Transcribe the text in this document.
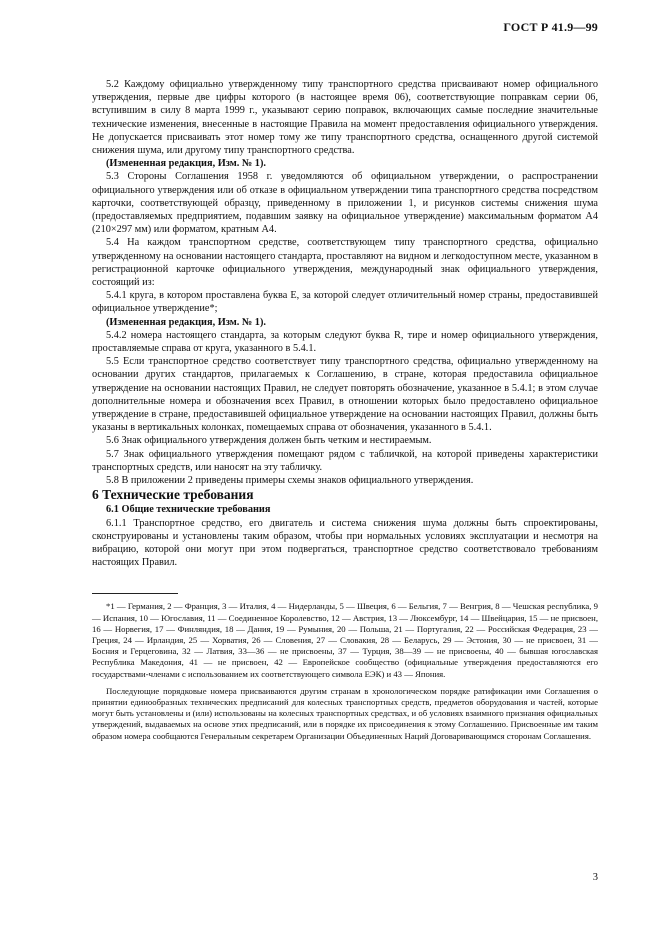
ГОСТ Р 41.9—99

5.2 Каждому официально утвержденному типу транспортного средства присваивают номер официального утверждения, первые две цифры которого (в настоящее время 06), соответствующие поправкам серии 06, вступившим в силу 8 марта 1999 г., указывают серию поправок, включающих самые последние значительные технические изменения, внесенные в настоящие Правила на момент предоставления официального утверждения. Не допускается присваивать этот номер тому же типу транспортного средства, оснащенного другой системой снижения шума, или другому типу транспортного средства.

(Измененная редакция, Изм. № 1).

5.3 Стороны Соглашения 1958 г. уведомляются об официальном утверждении, о распространении официального утверждения или об отказе в официальном утверждении типа транспортного средства посредством карточки, соответствующей образцу, приведенному в приложении 1, и рисунков системы снижения шума (предоставляемых предприятием, подавшим заявку на официальное утверждение) максимальным форматом А4 (210×297 мм) или форматом, кратным А4.

5.4 На каждом транспортном средстве, соответствующем типу транспортного средства, официально утвержденному на основании настоящего стандарта, проставляют на видном и легкодоступном месте, указанном в регистрационной карточке официального утверждения, международный знак официального утверждения, состоящий из:

5.4.1 круга, в котором проставлена буква Е, за которой следует отличительный номер страны, предоставившей официальное утверждение*;

(Измененная редакция, Изм. № 1).

5.4.2 номера настоящего стандарта, за которым следуют буква R, тире и номер официального утверждения, проставляемые справа от круга, указанного в 5.4.1.

5.5 Если транспортное средство соответствует типу транспортного средства, официально утвержденному на основании других стандартов, прилагаемых к Соглашению, в стране, которая предоставила официальное утверждение на основании настоящих Правил, не следует повторять обозначение, указанное в 5.4.1; в этом случае дополнительные номера и обозначения всех Правил, в отношении которых было предоставлено официальное утверждение в стране, предоставившей официальное утверждение на основании настоящих Правил, должны быть указаны в вертикальных колонках, помещаемых справа от обозначения, указанного в 5.4.1.

5.6 Знак официального утверждения должен быть четким и нестираемым.

5.7 Знак официального утверждения помещают рядом с табличкой, на которой приведены характеристики транспортных средств, или наносят на эту табличку.

5.8 В приложении 2 приведены примеры схемы знаков официального утверждения.

6 Технические требования

6.1 Общие технические требования

6.1.1 Транспортное средство, его двигатель и система снижения шума должны быть спроектированы, сконструированы и установлены таким образом, чтобы при нормальных условиях эксплуатации и несмотря на вибрацию, которой они могут при этом подвергаться, транспортное средство соответствовало требованиям настоящих Правил.

*1 — Германия, 2 — Франция, 3 — Италия, 4 — Нидерланды, 5 — Швеция, 6 — Бельгия, 7 — Венгрия, 8 — Чешская республика, 9 — Испания, 10 — Югославия, 11 — Соединенное Королевство, 12 — Австрия, 13 — Люксембург, 14 — Швейцария, 15 — не присвоен, 16 — Норвегия, 17 — Финляндия, 18 — Дания, 19 — Румыния, 20 — Польша, 21 — Португалия, 22 — Российская Федерация, 23 — Греция, 24 — Ирландия, 25 — Хорватия, 26 — Словения, 27 — Словакия, 28 — Беларусь, 29 — Эстония, 30 — не присвоен, 31 — Босния и Герцеговина, 32 — Латвия, 33—36 — не присвоены, 37 — Турция, 38—39 — не присвоены, 40 — бывшая югославская Республика Македония, 41 — не присвоен, 42 — Европейское сообщество (официальные утверждения предоставляются его государствами-членами с использованием их соответствующего символа ЕЭК) и 43 — Япония.

Последующие порядковые номера присваиваются другим странам в хронологическом порядке ратификации ими Соглашения о принятии единообразных технических предписаний для колесных транспортных средств, предметов оборудования и частей, которые могут быть установлены и (или) использованы на колесных транспортных средствах, и об условиях взаимного признания официальных утверждений, выдаваемых на основе этих предписаний, или в порядке их присоединения к этому Соглашению. Присвоенные им таким образом номера сообщаются Генеральным секретарем Организации Объединенных Наций Договаривающимся сторонам Соглашения.

3
